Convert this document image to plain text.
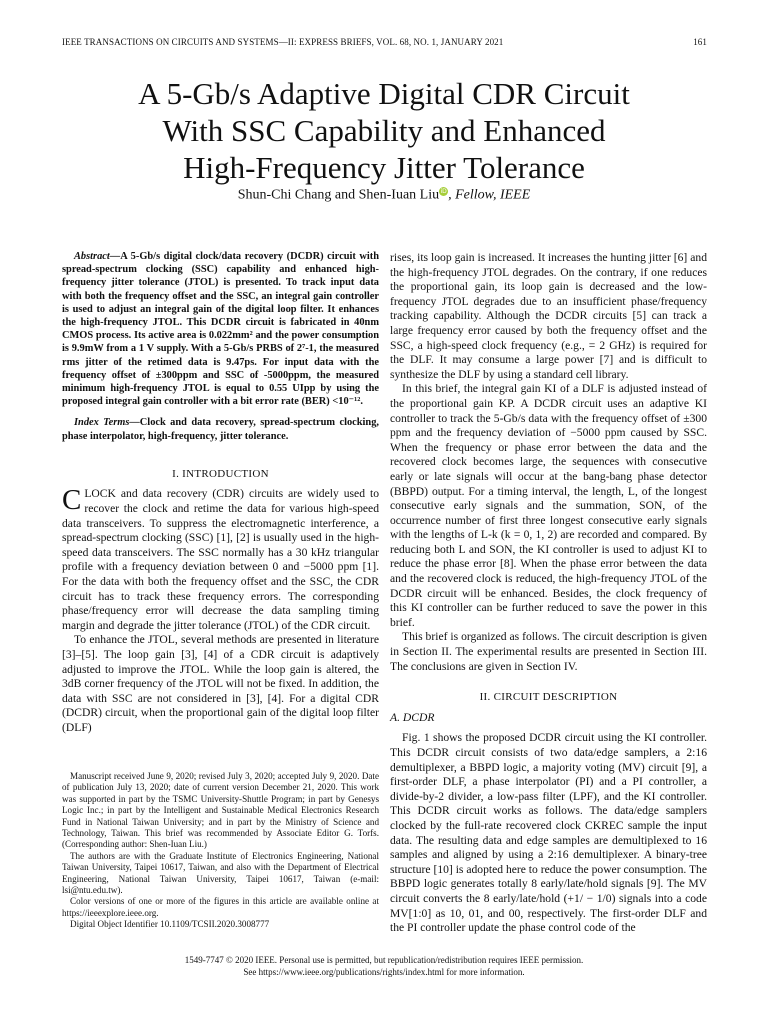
IEEE TRANSACTIONS ON CIRCUITS AND SYSTEMS—II: EXPRESS BRIEFS, VOL. 68, NO. 1, JANUARY 2021	161
A 5-Gb/s Adaptive Digital CDR Circuit
With SSC Capability and Enhanced
High-Frequency Jitter Tolerance
Shun-Chi Chang and Shen-Iuan LiuiD, Fellow, IEEE

Abstract—A 5-Gb/s digital clock/data recovery (DCDR) circuit with spread-spectrum clocking (SSC) capability and enhanced high-frequency jitter tolerance (JTOL) is presented. To track input data with both the frequency offset and the SSC, an integral gain controller is used to adjust an integral gain of the digital loop filter. It enhances the high-frequency JTOL. This DCDR circuit is fabricated in 40nm CMOS process. Its active area is 0.022mm² and the power consumption is 9.9mW from a 1 V supply. With a 5-Gb/s PRBS of 2⁷-1, the measured rms jitter of the retimed data is 9.47ps. For input data with the frequency offset of ±300ppm and SSC of -5000ppm, the measured minimum high-frequency JTOL is equal to 0.55 UIpp by using the proposed integral gain controller with a bit error rate (BER) <10⁻¹².

Index Terms—Clock and data recovery, spread-spectrum clocking, phase interpolator, high-frequency, jitter tolerance.

I. INTRODUCTION

CLOCK and data recovery (CDR) circuits are widely used to recover the clock and retime the data for various high-speed data transceivers. To suppress the electromagnetic interference, a spread-spectrum clocking (SSC) [1], [2] is usually used in the high-speed data transceivers. The SSC normally has a 30 kHz triangular profile with a frequency deviation between 0 and −5000 ppm [1]. For the data with both the frequency offset and the SSC, the CDR circuit has to track these frequency errors. The corresponding phase/frequency error will decrease the data sampling timing margin and degrade the jitter tolerance (JTOL) of the CDR circuit.

To enhance the JTOL, several methods are presented in literature [3]–[5]. The loop gain [3], [4] of a CDR circuit is adaptively adjusted to improve the JTOL. While the loop gain is altered, the 3dB corner frequency of the JTOL will not be fixed. In addition, the data with SSC are not considered in [3], [4]. For a digital CDR (DCDR) circuit, when the proportional gain of the digital loop filter (DLF)

Manuscript received June 9, 2020; revised July 3, 2020; accepted July 9, 2020. Date of publication July 13, 2020; date of current version December 21, 2020. This work was supported in part by the TSMC University-Shuttle Program; in part by Genesys Logic Inc.; in part by the Intelligent and Sustainable Medical Electronics Research Fund in National Taiwan University; and in part by the Ministry of Science and Technology, Taiwan. This brief was recommended by Associate Editor G. Torfs. (Corresponding author: Shen-Iuan Liu.)

The authors are with the Graduate Institute of Electronics Engineering, National Taiwan University, Taipei 10617, Taiwan, and also with the Department of Electrical Engineering, National Taiwan University, Taipei 10617, Taiwan (e-mail: lsi@ntu.edu.tw).

Color versions of one or more of the figures in this article are available online at https://ieeexplore.ieee.org.

Digital Object Identifier 10.1109/TCSII.2020.3008777

rises, its loop gain is increased. It increases the hunting jitter [6] and the high-frequency JTOL degrades. On the contrary, if one reduces the proportional gain, its loop gain is decreased and the low-frequency JTOL degrades due to an insufficient phase/frequency tracking capability. Although the DCDR circuits [5] can track a large frequency error caused by both the frequency offset and the SSC, a high-speed clock frequency (e.g., = 2 GHz) is required for the DLF. It may consume a large power [7] and is difficult to synthesize the DLF by using a standard cell library.

In this brief, the integral gain KI of a DLF is adjusted instead of the proportional gain KP. A DCDR circuit uses an adaptive KI controller to track the 5-Gb/s data with the frequency offset of ±300 ppm and the frequency deviation of −5000 ppm caused by SSC. When the frequency or phase error between the data and the recovered clock becomes large, the sequences with consecutive early or late signals will occur at the bang-bang phase detector (BBPD) output. For a timing interval, the length, L, of the longest consecutive early signals and the summation, SON, of the occurrence number of first three longest consecutive early signals with the lengths of L-k (k = 0, 1, 2) are recorded and compared. By reducing both L and SON, the KI controller is used to adjust KI to reduce the phase error [8]. When the phase error between the data and the recovered clock is reduced, the high-frequency JTOL of the DCDR circuit will be enhanced. Besides, the clock frequency of this KI controller can be further reduced to save the power in this brief.

This brief is organized as follows. The circuit description is given in Section II. The experimental results are presented in Section III. The conclusions are given in Section IV.

II. CIRCUIT DESCRIPTION
A. DCDR

Fig. 1 shows the proposed DCDR circuit using the KI controller. This DCDR circuit consists of two data/edge samplers, a 2:16 demultiplexer, a BBPD logic, a majority voting (MV) circuit [9], a first-order DLF, a phase interpolator (PI) and a PI controller, a divide-by-2 divider, a low-pass filter (LPF), and the KI controller. This DCDR circuit works as follows. The data/edge samplers clocked by the full-rate recovered clock CKREC sample the input data. The resulting data and edge samples are demultiplexed to 16 samples and aligned by using a 2:16 demultiplexer. A binary-tree structure [10] is adopted here to reduce the power consumption. The BBPD logic generates totally 8 early/late/hold signals [9]. The MV circuit converts the 8 early/late/hold (+1/ − 1/0) signals into a code MV[1:0] as 10, 01, and 00, respectively. The first-order DLF and the PI controller update the phase control code of the

1549-7747 © 2020 IEEE. Personal use is permitted, but republication/redistribution requires IEEE permission.
See https://www.ieee.org/publications/rights/index.html for more information.
